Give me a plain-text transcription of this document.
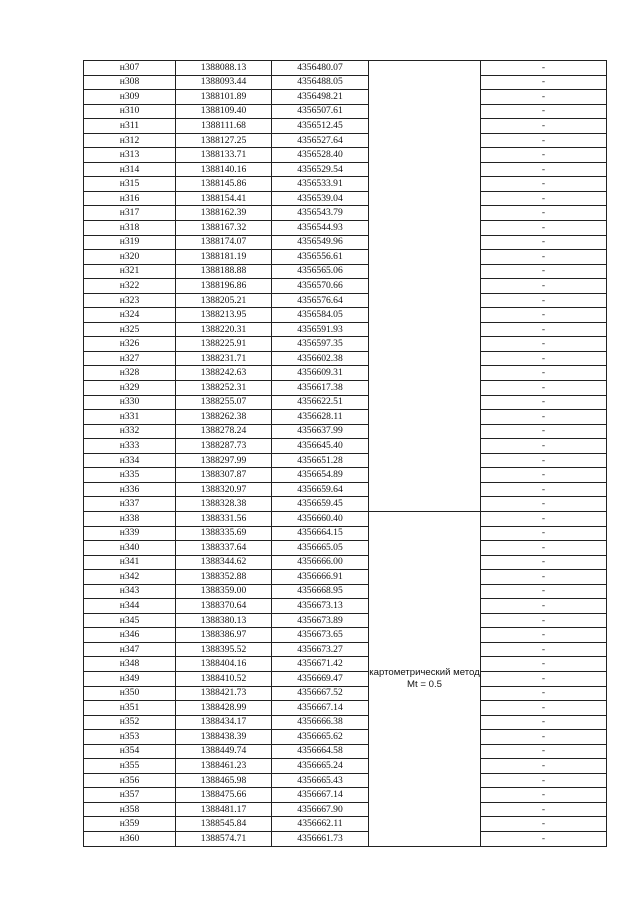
н307	1388088.13	4356480.07		-
н308	1388093.44	4356488.05		-
н309	1388101.89	4356498.21		-
н310	1388109.40	4356507.61		-
н311	1388111.68	4356512.45		-
н312	1388127.25	4356527.64		-
н313	1388133.71	4356528.40		-
н314	1388140.16	4356529.54		-
н315	1388145.86	4356533.91		-
н316	1388154.41	4356539.04		-
н317	1388162.39	4356543.79		-
н318	1388167.32	4356544.93		-
н319	1388174.07	4356549.96		-
н320	1388181.19	4356556.61		-
н321	1388188.88	4356565.06		-
н322	1388196.86	4356570.66		-
н323	1388205.21	4356576.64		-
н324	1388213.95	4356584.05		-
н325	1388220.31	4356591.93		-
н326	1388225.91	4356597.35		-
н327	1388231.71	4356602.38		-
н328	1388242.63	4356609.31		-
н329	1388252.31	4356617.38		-
н330	1388255.07	4356622.51		-
н331	1388262.38	4356628.11		-
н332	1388278.24	4356637.99		-
н333	1388287.73	4356645.40		-
н334	1388297.99	4356651.28		-
н335	1388307.87	4356654.89		-
н336	1388320.97	4356659.64		-
н337	1388328.38	4356659.45		-
н338	1388331.56	4356660.40	картометрический метод Mt = 0.5	-
н339	1388335.69	4356664.15		-
н340	1388337.64	4356665.05		-
н341	1388344.62	4356666.00		-
н342	1388352.88	4356666.91		-
н343	1388359.00	4356668.95		-
н344	1388370.64	4356673.13		-
н345	1388380.13	4356673.89		-
н346	1388386.97	4356673.65		-
н347	1388395.52	4356673.27		-
н348	1388404.16	4356671.42		-
н349	1388410.52	4356669.47		-
н350	1388421.73	4356667.52		-
н351	1388428.99	4356667.14		-
н352	1388434.17	4356666.38		-
н353	1388438.39	4356665.62		-
н354	1388449.74	4356664.58		-
н355	1388461.23	4356665.24		-
н356	1388465.98	4356665.43		-
н357	1388475.66	4356667.14		-
н358	1388481.17	4356667.90		-
н359	1388545.84	4356662.11		-
н360	1388574.71	4356661.73		-
